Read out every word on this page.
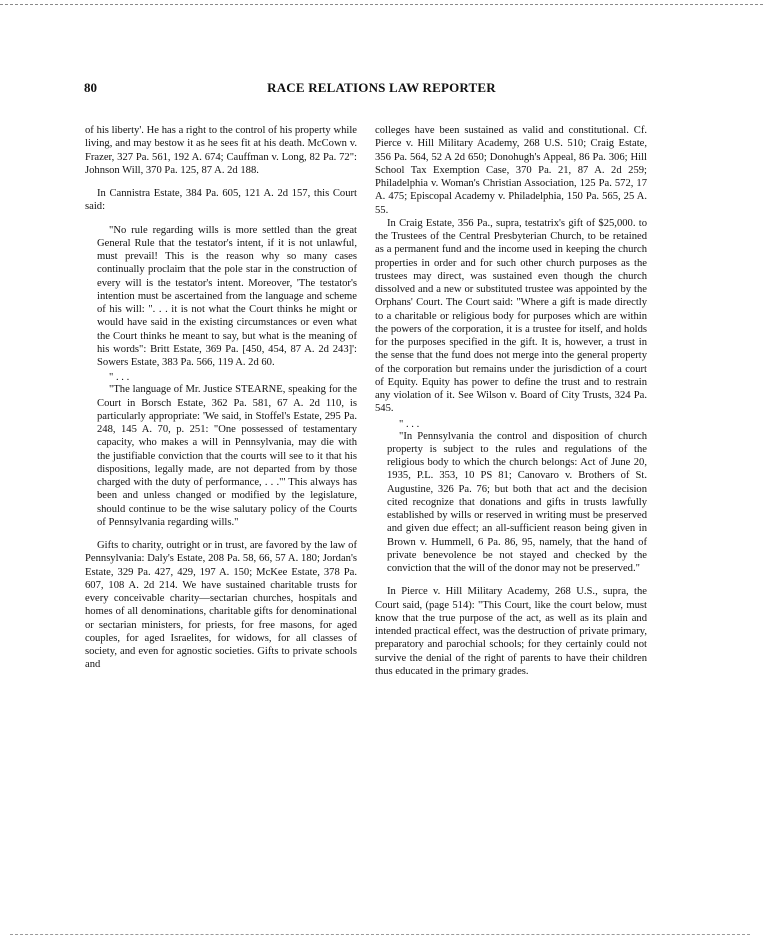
80	RACE RELATIONS LAW REPORTER

of his liberty'. He has a right to the control of his property while living, and may bestow it as he sees fit at his death. McCown v. Frazer, 327 Pa. 561, 192 A. 674; Cauffman v. Long, 82 Pa. 72": Johnson Will, 370 Pa. 125, 87 A. 2d 188.

In Cannistra Estate, 384 Pa. 605, 121 A. 2d 157, this Court said:

"No rule regarding wills is more settled than the great General Rule that the testator's intent, if it is not unlawful, must prevail! This is the reason why so many cases continually proclaim that the pole star in the construction of every will is the testator's intent. Moreover, 'The testator's intention must be ascertained from the language and scheme of his will: ". . . it is not what the Court thinks he might or would have said in the existing circumstances or even what the Court thinks he meant to say, but what is the meaning of his words": Britt Estate, 369 Pa. [450, 454, 87 A. 2d 243]': Sowers Estate, 383 Pa. 566, 119 A. 2d 60.

" . . .

"The language of Mr. Justice STEARNE, speaking for the Court in Borsch Estate, 362 Pa. 581, 67 A. 2d 110, is particularly appropriate: 'We said, in Stoffel's Estate, 295 Pa. 248, 145 A. 70, p. 251: "One possessed of testamentary capacity, who makes a will in Pennsylvania, may die with the justifiable conviction that the courts will see to it that his dispositions, legally made, are not departed from by those charged with the duty of performance, . . ."' This always has been and unless changed or modified by the legislature, should continue to be the wise salutary policy of the Courts of Pennsylvania regarding wills."

Gifts to charity, outright or in trust, are favored by the law of Pennsylvania: Daly's Estate, 208 Pa. 58, 66, 57 A. 180; Jordan's Estate, 329 Pa. 427, 429, 197 A. 150; McKee Estate, 378 Pa. 607, 108 A. 2d 214. We have sustained charitable trusts for every conceivable charity—sectarian churches, hospitals and homes of all denominations, charitable gifts for denominational or sectarian ministers, for priests, for free masons, for aged couples, for aged Israelites, for widows, for all classes of society, and even for agnostic societies. Gifts to private schools and

colleges have been sustained as valid and constitutional. Cf. Pierce v. Hill Military Academy, 268 U.S. 510; Craig Estate, 356 Pa. 564, 52 A 2d 650; Donohugh's Appeal, 86 Pa. 306; Hill School Tax Exemption Case, 370 Pa. 21, 87 A. 2d 259; Philadelphia v. Woman's Christian Association, 125 Pa. 572, 17 A. 475; Episcopal Academy v. Philadelphia, 150 Pa. 565, 25 A. 55.

In Craig Estate, 356 Pa., supra, testatrix's gift of $25,000. to the Trustees of the Central Presbyterian Church, to be retained as a permanent fund and the income used in keeping the church properties in order and for such other church purposes as the trustees may direct, was sustained even though the church dissolved and a new or substituted trustee was appointed by the Orphans' Court. The Court said: "Where a gift is made directly to a charitable or religious body for purposes which are within the powers of the corporation, it is a trustee for itself, and holds for the purposes specified in the gift. It is, however, a trust in the sense that the fund does not merge into the general property of the corporation but remains under the jurisdiction of a court of Equity. Equity has power to define the trust and to restrain any violation of it. See Wilson v. Board of City Trusts, 324 Pa. 545.

" . . .

"In Pennsylvania the control and disposition of church property is subject to the rules and regulations of the religious body to which the church belongs: Act of June 20, 1935, P.L. 353, 10 PS 81; Canovaro v. Brothers of St. Augustine, 326 Pa. 76; but both that act and the decision cited recognize that donations and gifts in trusts lawfully established by wills or reserved in writing must be preserved and given due effect; an all-sufficient reason being given in Brown v. Hummell, 6 Pa. 86, 95, namely, that the hand of private benevolence be not stayed and checked by the conviction that the will of the donor may not be preserved."

In Pierce v. Hill Military Academy, 268 U.S., supra, the Court said, (page 514): "This Court, like the court below, must know that the true purpose of the act, as well as its plain and intended practical effect, was the destruction of private primary, preparatory and parochial schools; for they certainly could not survive the denial of the right of parents to have their children thus educated in the primary grades.
